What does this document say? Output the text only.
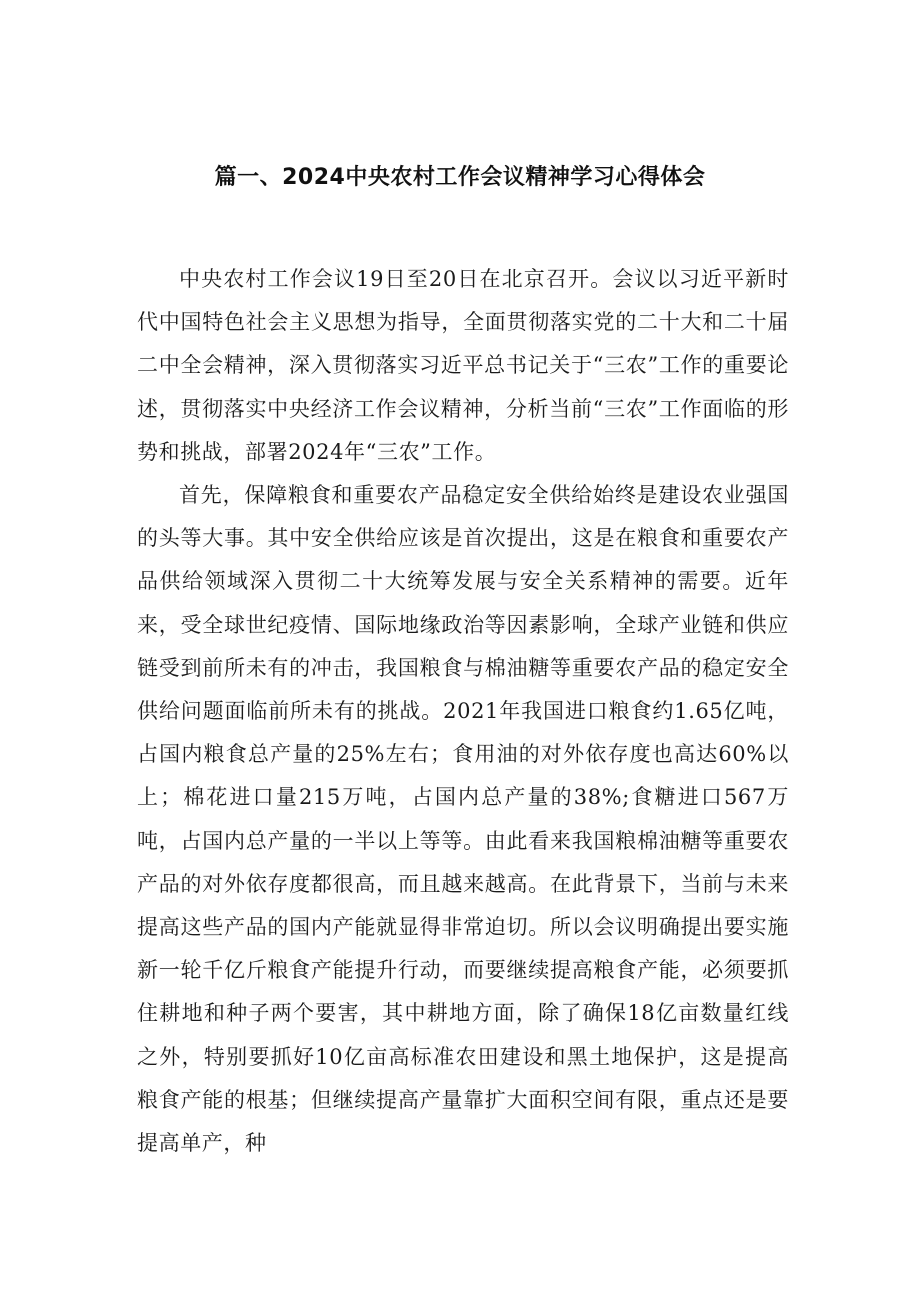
篇一、2024中央农村工作会议精神学习心得体会

中央农村工作会议19日至20日在北京召开。会议以习近平新时代中国特色社会主义思想为指导，全面贯彻落实党的二十大和二十届二中全会精神，深入贯彻落实习近平总书记关于“三农”工作的重要论述，贯彻落实中央经济工作会议精神，分析当前“三农”工作面临的形势和挑战，部署2024年“三农”工作。

首先，保障粮食和重要农产品稳定安全供给始终是建设农业强国的头等大事。其中安全供给应该是首次提出，这是在粮食和重要农产品供给领域深入贯彻二十大统筹发展与安全关系精神的需要。近年来，受全球世纪疫情、国际地缘政治等因素影响，全球产业链和供应链受到前所未有的冲击，我国粮食与棉油糖等重要农产品的稳定安全供给问题面临前所未有的挑战。2021年我国进口粮食约1.65亿吨，占国内粮食总产量的25%左右；食用油的对外依存度也高达60%以上；棉花进口量215万吨，占国内总产量的38%;食糖进口567万吨，占国内总产量的一半以上等等。由此看来我国粮棉油糖等重要农产品的对外依存度都很高，而且越来越高。在此背景下，当前与未来提高这些产品的国内产能就显得非常迫切。所以会议明确提出要实施新一轮千亿斤粮食产能提升行动，而要继续提高粮食产能，必须要抓住耕地和种子两个要害，其中耕地方面，除了确保18亿亩数量红线之外，特别要抓好10亿亩高标准农田建设和黑土地保护，这是提高粮食产能的根基；但继续提高产量靠扩大面积空间有限，重点还是要提高单产，种
